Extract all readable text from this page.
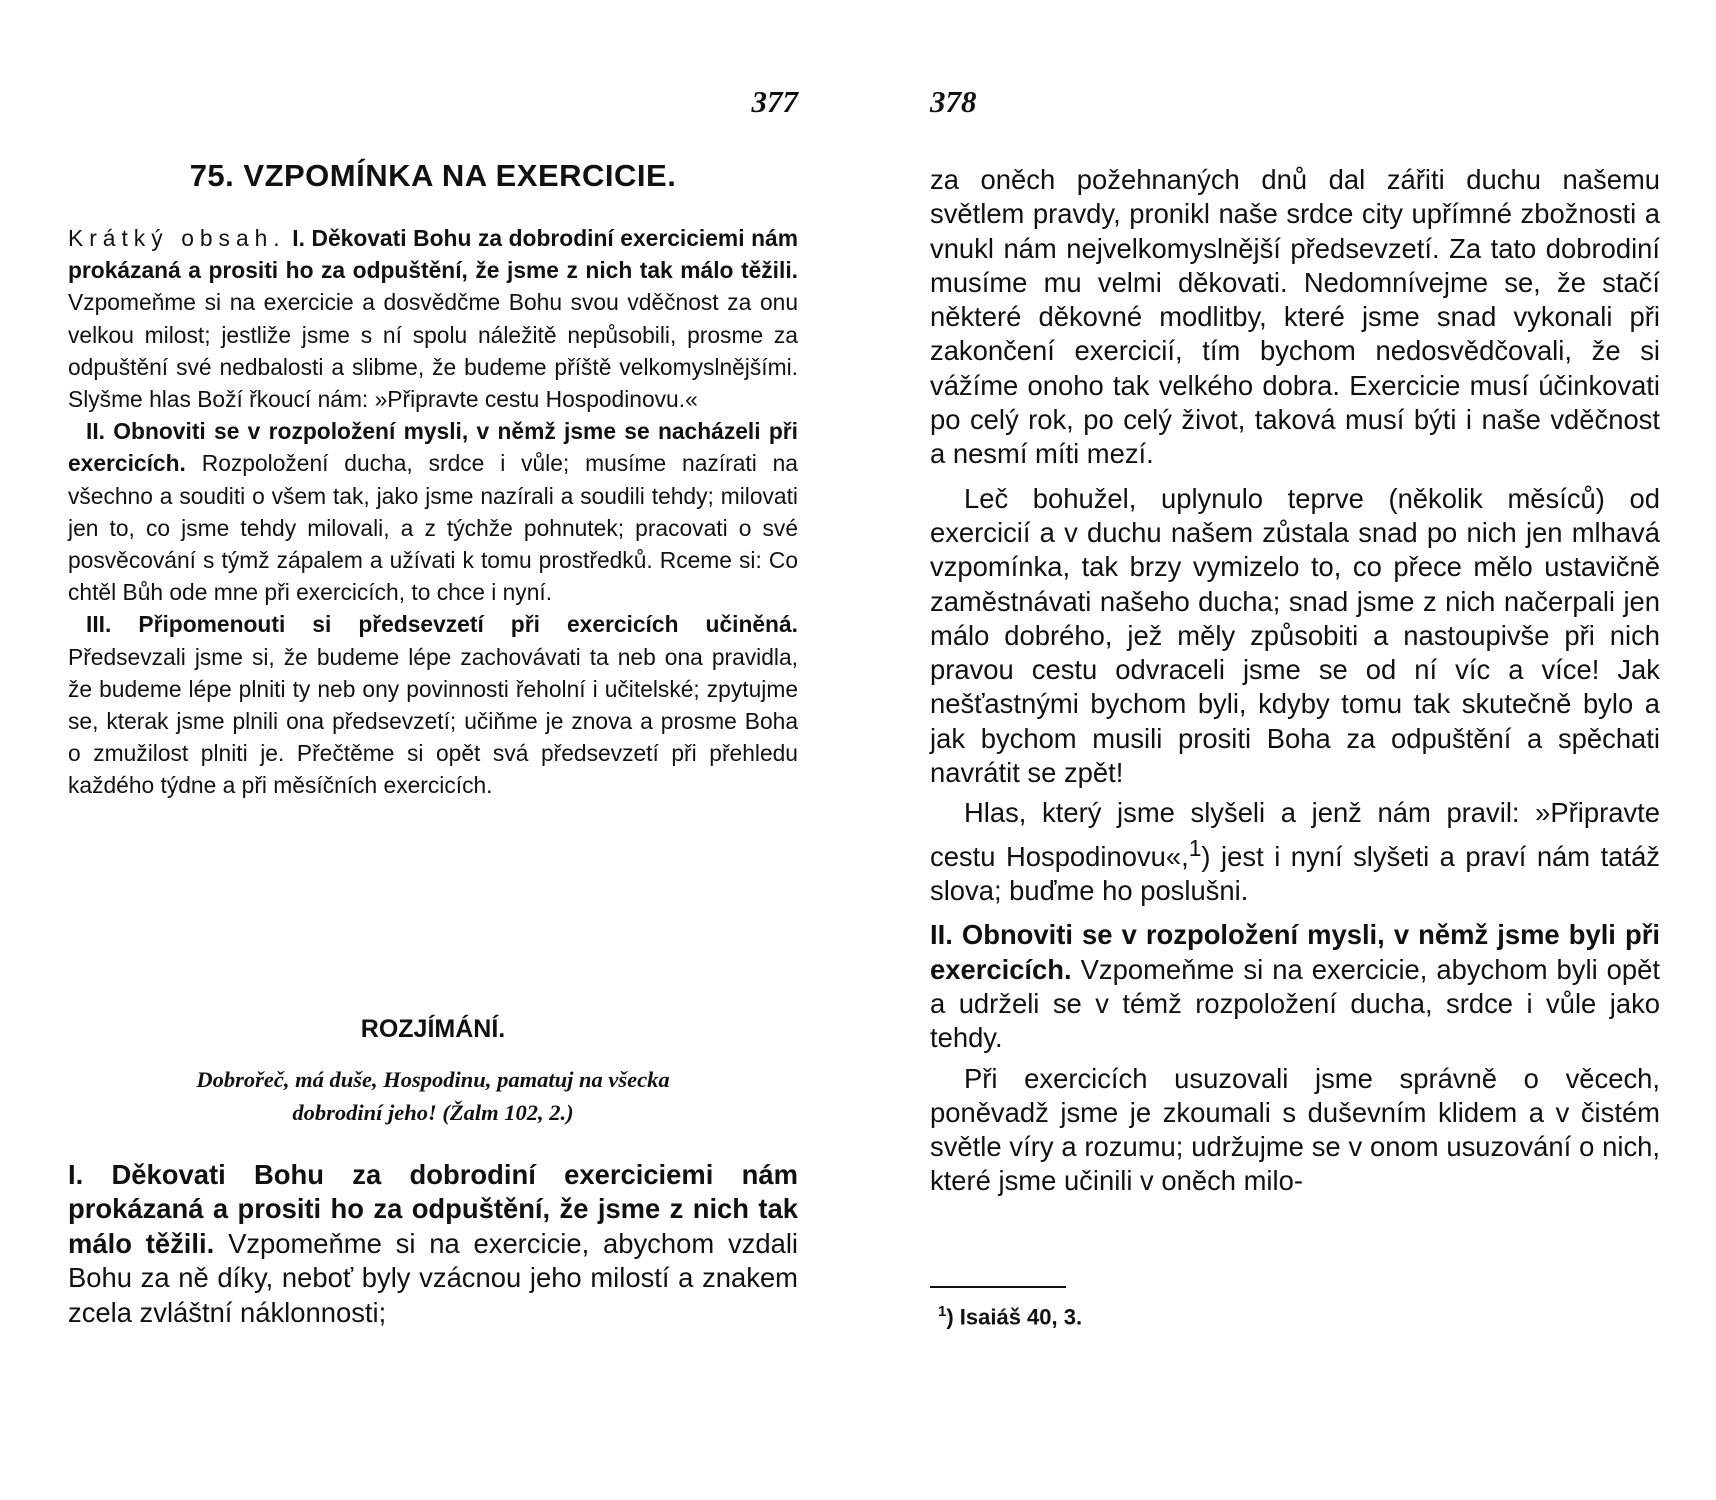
377
75. VZPOMÍNKA NA EXERCICIE.

Krátký obsah. I. Děkovati Bohu za dobrodiní exerciciemi nám prokázaná a prositi ho za odpuštění, že jsme z nich tak málo těžili. Vzpomeňme si na exercicie a dosvědčme Bohu svou vděčnost za onu velkou milost; jestliže jsme s ní spolu náležitě nepůsobili, prosme za odpuštění své nedbalosti a slibme, že budeme příště velkomyslnějšími. Slyšme hlas Boží řkoucí nám: »Připravte cestu Hospodinovu.«

II. Obnoviti se v rozpoložení mysli, v němž jsme se nacházeli při exercicích. Rozpoložení ducha, srdce i vůle; musíme nazírati na všechno a souditi o všem tak, jako jsme nazírali a soudili tehdy; milovati jen to, co jsme tehdy milovali, a z týchže pohnutek; pracovati o své posvěcování s týmž zápalem a užívati k tomu prostředků. Rceme si: Co chtěl Bůh ode mne při exercicích, to chce i nyní.

III. Připomenouti si předsevzetí při exercicích učiněná. Předsevzali jsme si, že budeme lépe zachovávati ta neb ona pravidla, že budeme lépe plniti ty neb ony povinnosti řeholní i učitelské; zpytujme se, kterak jsme plnili ona předsevzetí; učiňme je znova a prosme Boha o zmužilost plniti je. Přečtěme si opět svá předsevzetí při přehledu každého týdne a při měsíčních exercicích.

ROZJÍMÁNÍ.
Dobrořeč, má duše, Hospodinu, pamatuj na všecka
dobrodiní jeho! (Žalm 102, 2.)

I. Děkovati Bohu za dobrodiní exerciciemi nám prokázaná a prositi ho za odpuštění, že jsme z nich tak málo těžili. Vzpomeňme si na exercicie, abychom vzdali Bohu za ně díky, neboť byly vzácnou jeho milostí a znakem zcela zvláštní náklonnosti;

378

za oněch požehnaných dnů dal zářiti duchu našemu světlem pravdy, pronikl naše srdce city upřímné zbožnosti a vnukl nám nejvelkomyslnější předsevzetí. Za tato dobrodiní musíme mu velmi děkovati. Nedomnívejme se, že stačí některé děkovné modlitby, které jsme snad vykonali při zakončení exercicií, tím bychom nedosvědčovali, že si vážíme onoho tak velkého dobra. Exercicie musí účinkovati po celý rok, po celý život, taková musí býti i naše vděčnost a nesmí míti mezí.

Leč bohužel, uplynulo teprve (několik měsíců) od exercicií a v duchu našem zůstala snad po nich jen mlhavá vzpomínka, tak brzy vymizelo to, co přece mělo ustavičně zaměstnávati našeho ducha; snad jsme z nich načerpali jen málo dobrého, jež měly způsobiti a nastoupivše při nich pravou cestu odvraceli jsme se od ní víc a více! Jak nešťastnými bychom byli, kdyby tomu tak skutečně bylo a jak bychom musili prositi Boha za odpuštění a spěchati navrátit se zpět!

Hlas, který jsme slyšeli a jenž nám pravil: »Připravte cestu Hospodinovu«,$^1$) jest i nyní slyšeti a praví nám tatáž slova; buďme ho poslušni.

II. Obnoviti se v rozpoložení mysli, v němž jsme byli při exercicích. Vzpomeňme si na exercicie, abychom byli opět a udrželi se v témž rozpoložení ducha, srdce i vůle jako tehdy.

Při exercicích usuzovali jsme správně o věcech, poněvadž jsme je zkoumali s duševním klidem a v čistém světle víry a rozumu; udržujme se v onom usuzování o nich, které jsme učinili v oněch milo-

$^1$) Isaiáš 40, 3.
